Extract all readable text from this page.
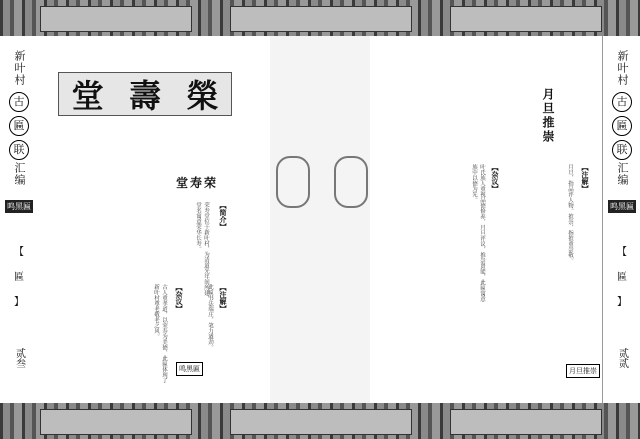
新叶村
古
匾
联
汇编
鸣黑匾
【
匾
】
贰叁
新叶村
古
匾
联
汇编
鸣黑匾
【
匾
】
贰贰
堂 壽 榮
堂寿荣
【简介】
荣寿堂位于新叶村，为清道光年间所建，堂名寓意荣华长寿。
【注解】
此匾书法端庄，笔力遒劲。
【杂议】
古人重孝道，以荣寿为美德，此匾体现了新叶村尊老敬老之风。
鸣黑匾
月旦推崇
【注解】
月旦，指品评人物。推崇，指推重崇敬。
【杂议】
叶氏族人重视品德修养，月旦评议，推崇贤能，此匾寓意族中以德为先。
月旦推崇
